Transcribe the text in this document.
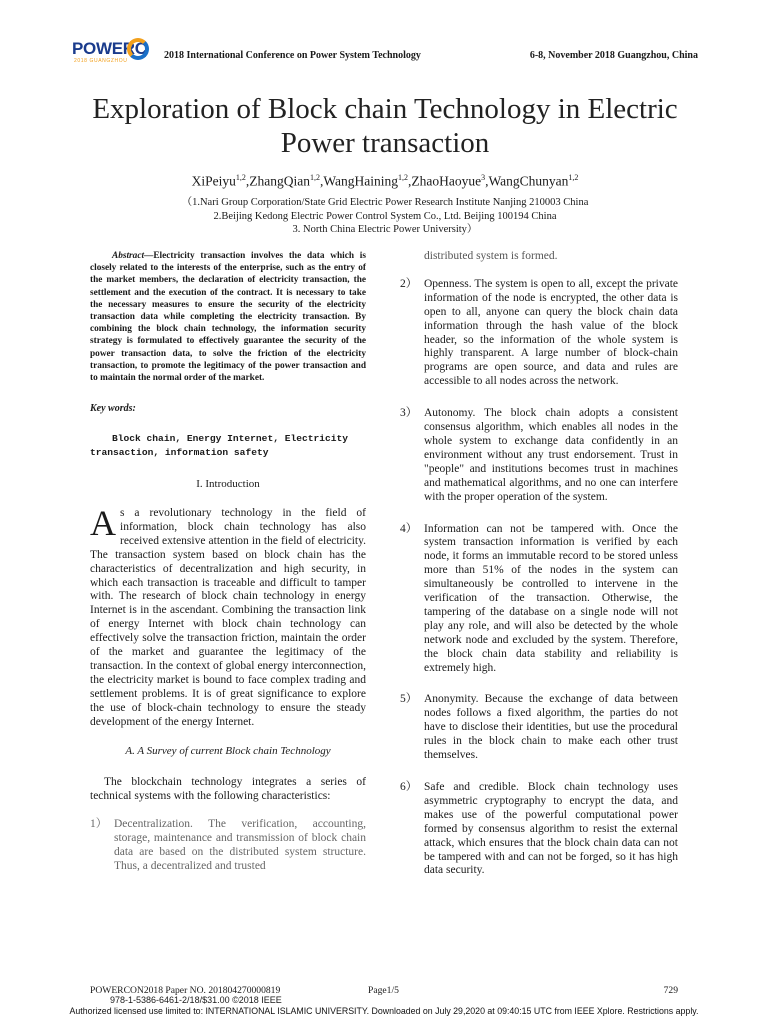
POWERC
2018 GUANGZHOU	2018 International Conference on Power System Technology	6-8, November 2018 Guangzhou, China
Exploration of Block chain Technology in Electric Power transaction
XiPeiyu$^{1,2}$,ZhangQian$^{1,2}$,WangHaining$^{1,2}$,ZhaoHaoyue$^3$,WangChunyan$^{1,2}$
（1.Nari Group Corporation/State Grid Electric Power Research Institute Nanjing 210003 China
2.Beijing Kedong Electric Power Control System Co., Ltd. Beijing 100194 China
3. North China Electric Power University）

Abstract—Electricity transaction involves the data which is closely related to the interests of the enterprise, such as the entry of the market members, the declaration of electricity transaction, the settlement and the execution of the contract. It is necessary to take the necessary measures to ensure the security of the electricity transaction data while completing the electricity transaction. By combining the block chain technology, the information security strategy is formulated to effectively guarantee the security of the power transaction data, to solve the friction of the electricity transaction, to promote the legitimacy of the power transaction and to maintain the normal order of the market.

Key words:
Block chain, Energy Internet, Electricity transaction, information safety
I. Introduction

As a revolutionary technology in the field of information, block chain technology has also received extensive attention in the field of electricity. The transaction system based on block chain has the characteristics of decentralization and high security, in which each transaction is traceable and difficult to tamper with. The research of block chain technology in energy Internet is in the ascendant. Combining the transaction link of energy Internet with block chain technology can effectively solve the transaction friction, maintain the order of the market and guarantee the legitimacy of the transaction. In the context of global energy interconnection, the electricity market is bound to face complex trading and settlement problems. It is of great significance to explore the use of block-chain technology to ensure the steady development of the energy Internet.

A. A Survey of current Block chain Technology

The blockchain technology integrates a series of technical systems with the following characteristics:

1） Decentralization. The verification, accounting, storage, maintenance and transmission of block chain data are based on the distributed system structure. Thus, a decentralized and trusted
distributed system is formed.
2） Openness. The system is open to all, except the private information of the node is encrypted, the other data is open to all, anyone can query the block chain data information through the hash value of the block header, so the information of the whole system is highly transparent. A large number of block-chain programs are open source, and data and rules are accessible to all nodes across the network.
3） Autonomy. The block chain adopts a consistent consensus algorithm, which enables all nodes in the whole system to exchange data confidently in an environment without any trust endorsement. Trust in "people" and institutions becomes trust in machines and mathematical algorithms, and no one can interfere with the proper operation of the system.
4） Information can not be tampered with. Once the system transaction information is verified by each node, it forms an immutable record to be stored unless more than 51% of the nodes in the system can simultaneously be controlled to intervene in the verification of the transaction. Otherwise, the tampering of the database on a single node will not play any role, and will also be detected by the whole network node and excluded by the system. Therefore, the block chain data stability and reliability is extremely high.
5） Anonymity. Because the exchange of data between nodes follows a fixed algorithm, the parties do not have to disclose their identities, but use the procedural rules in the block chain to make each other trust themselves.
6） Safe and credible. Block chain technology uses asymmetric cryptography to encrypt the data, and makes use of the powerful computational power formed by consensus algorithm to resist the external attack, which ensures that the block chain data can not be tampered with and can not be forged, so it has high data security.
POWERCON2018 Paper NO. 201804270000819	Page1/5	729
978-1-5386-6461-2/18/$31.00 ©2018 IEEE
Authorized licensed use limited to: INTERNATIONAL ISLAMIC UNIVERSITY. Downloaded on July 29,2020 at 09:40:15 UTC from IEEE Xplore. Restrictions apply.
